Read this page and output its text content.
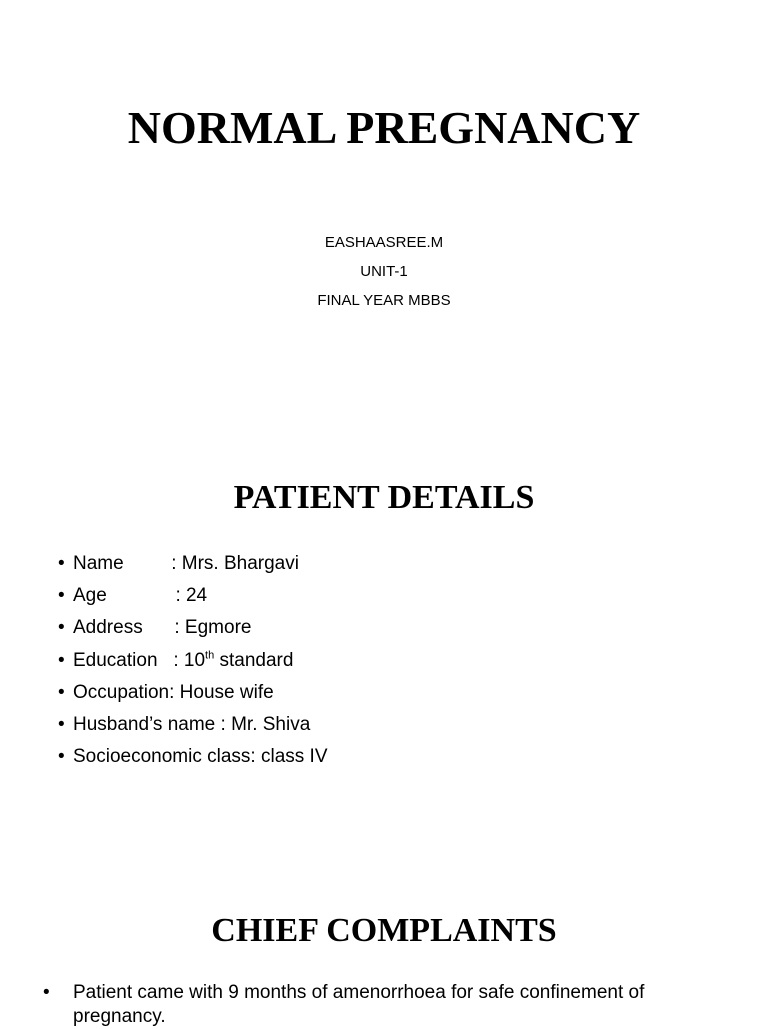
NORMAL PREGNANCY
EASHAASREE.M
UNIT-1
FINAL YEAR MBBS
PATIENT DETAILS
• Name         : Mrs. Bhargavi
• Age             : 24
• Address      : Egmore
• Education   : 10th standard
• Occupation: House wife
• Husband’s name : Mr. Shiva
• Socioeconomic class: class IV
CHIEF COMPLAINTS
• Patient came with 9 months of amenorrhoea for safe confinement of pregnancy.
